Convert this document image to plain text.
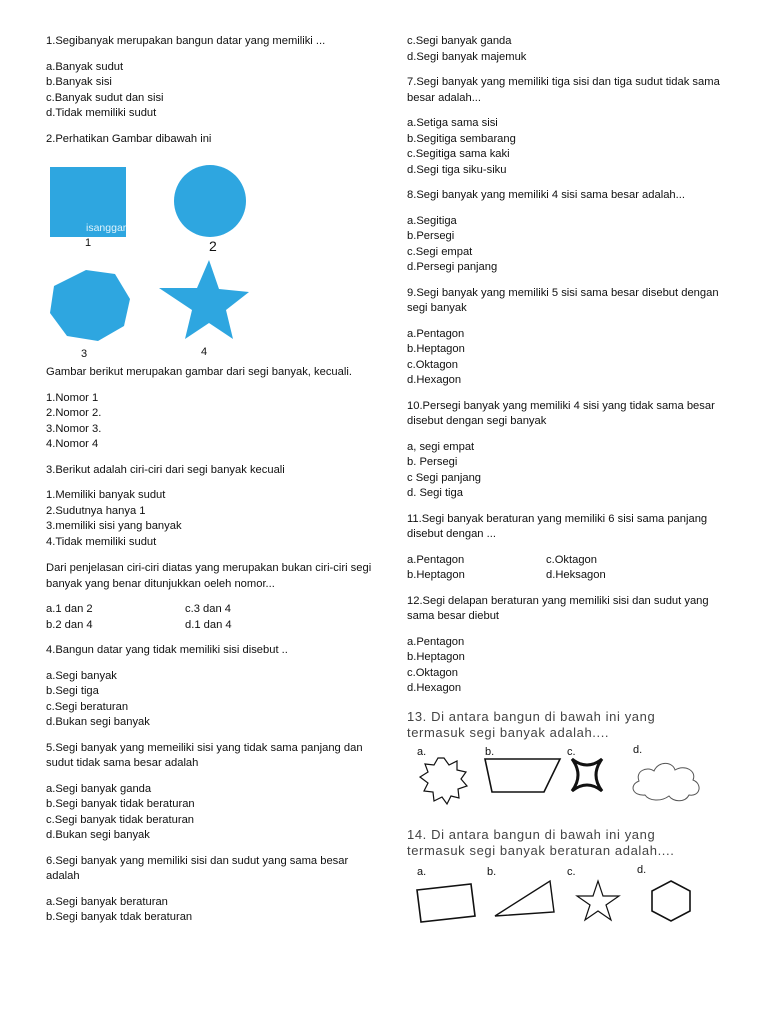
1.Segibanyak merupakan bangun datar yang memiliki ...

a.Banyak sudut
b.Banyak sisi
c.Banyak sudut dan sisi
d.Tidak memiliki sudut

2.Perhatikan Gambar dibawah ini

isanggar
1	2
3	4

Gambar berikut merupakan gambar dari segi banyak, kecuali.

1.Nomor 1
2.Nomor 2.
3.Nomor 3.
4.Nomor 4

3.Berikut adalah ciri-ciri dari segi banyak kecuali

1.Memiliki banyak sudut
2.Sudutnya hanya 1
3.memiliki sisi yang banyak
4.Tidak memiliki sudut

Dari penjelasan ciri-ciri diatas yang merupakan bukan ciri-ciri segi banyak yang benar ditunjukkan oeleh nomor...

a.1 dan 2	c.3 dan 4
b.2 dan 4	d.1 dan 4

4.Bangun datar yang tidak memiliki sisi disebut ..

a.Segi banyak
b.Segi tiga
c.Segi beraturan
d.Bukan segi banyak

5.Segi banyak yang memeiliki sisi yang tidak sama panjang dan sudut tidak sama besar adalah

a.Segi banyak ganda
b.Segi banyak tidak beraturan
c.Segi banyak tidak beraturan
d.Bukan segi banyak

6.Segi banyak yang memiliki sisi dan sudut yang sama besar adalah

a.Segi banyak beraturan
b.Segi banyak tdak beraturan
c.Segi banyak ganda
d.Segi banyak majemuk

7.Segi banyak yang memiliki tiga sisi dan tiga sudut tidak sama besar adalah...

a.Setiga sama sisi
b.Segitiga sembarang
c.Segitiga sama kaki
d.Segi tiga siku-siku

8.Segi banyak yang memiliki 4 sisi sama besar adalah...

a.Segitiga
b.Persegi
c.Segi empat
d.Persegi panjang

9.Segi banyak yang memiliki 5 sisi sama besar disebut dengan segi banyak

a.Pentagon
b.Heptagon
c.Oktagon
d.Hexagon

10.Persegi banyak yang memiliki 4 sisi yang tidak sama besar disebut dengan segi banyak

a, segi empat
b. Persegi
c Segi panjang
d. Segi tiga

11.Segi banyak beraturan yang memiliki 6 sisi sama panjang disebut dengan ...

a.Pentagon	c.Oktagon
b.Heptagon	d.Heksagon

12.Segi delapan beraturan yang memiliki sisi dan sudut yang sama besar diebut

a.Pentagon
b.Heptagon
c.Oktagon
d.Hexagon
13. Di antara bangun di bawah ini yang
termasuk segi banyak adalah....
a.	b.	c.	d.
14. Di antara bangun di bawah ini yang
termasuk segi banyak beraturan adalah....
a.	b.	c.	d.
